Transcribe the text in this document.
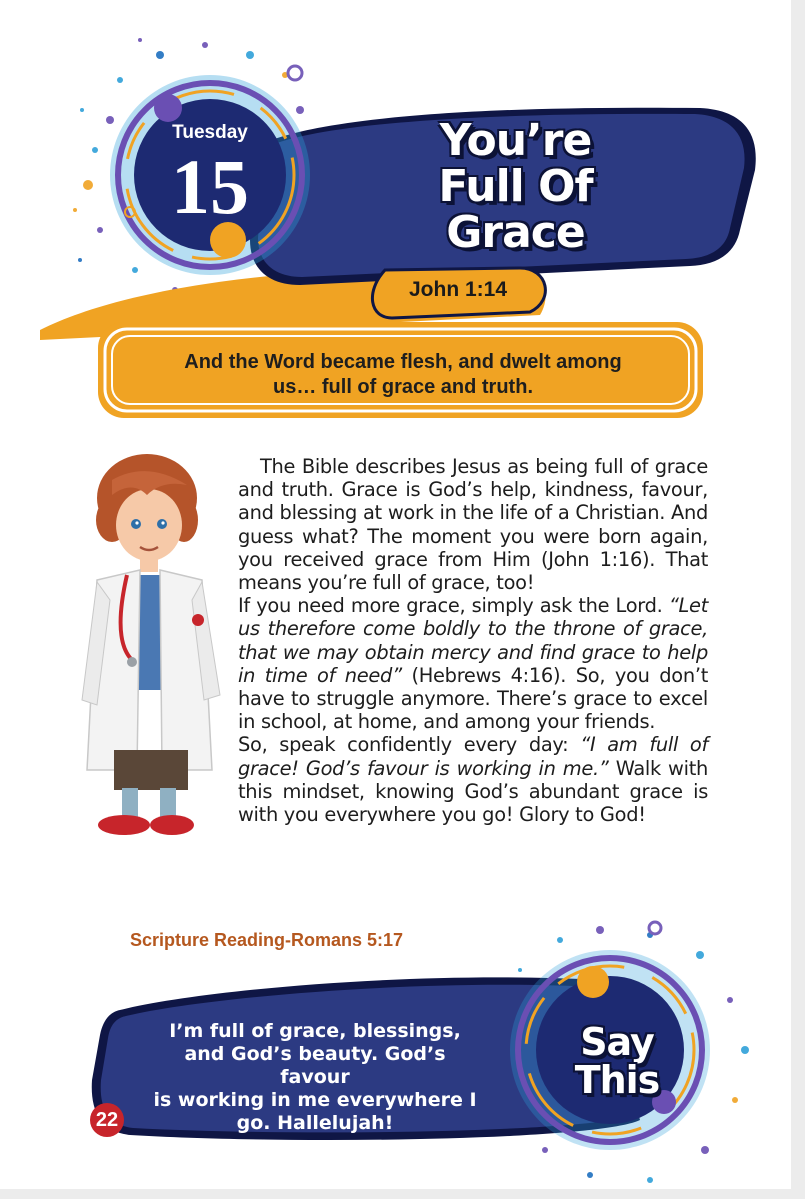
Tuesday
15
You’re
Full Of
Grace
John 1:14
And the Word became flesh, and dwelt among
us… full of grace and truth.

The Bible describes Jesus as being full of grace and truth. Grace is God’s help, kindness, favour, and blessing at work in the life of a Christian. And guess what? The moment you were born again, you received grace from Him (John 1:16). That means you’re full of grace, too!

If you need more grace, simply ask the Lord. “Let us therefore come boldly to the throne of grace, that we may obtain mercy and find grace to help in time of need” (Hebrews 4:16). So, you don’t have to struggle anymore. There’s grace to excel in school, at home, and among your friends.

So, speak confidently every day: “I am full of grace! God’s favour is working in me.” Walk with this mindset, knowing God’s abundant grace is with you everywhere you go! Glory to God!

Scripture Reading-Romans 5:17
I’m full of grace, blessings,
and God’s beauty. God’s favour
is working in me everywhere I
go. Hallelujah!
Say
This
22
